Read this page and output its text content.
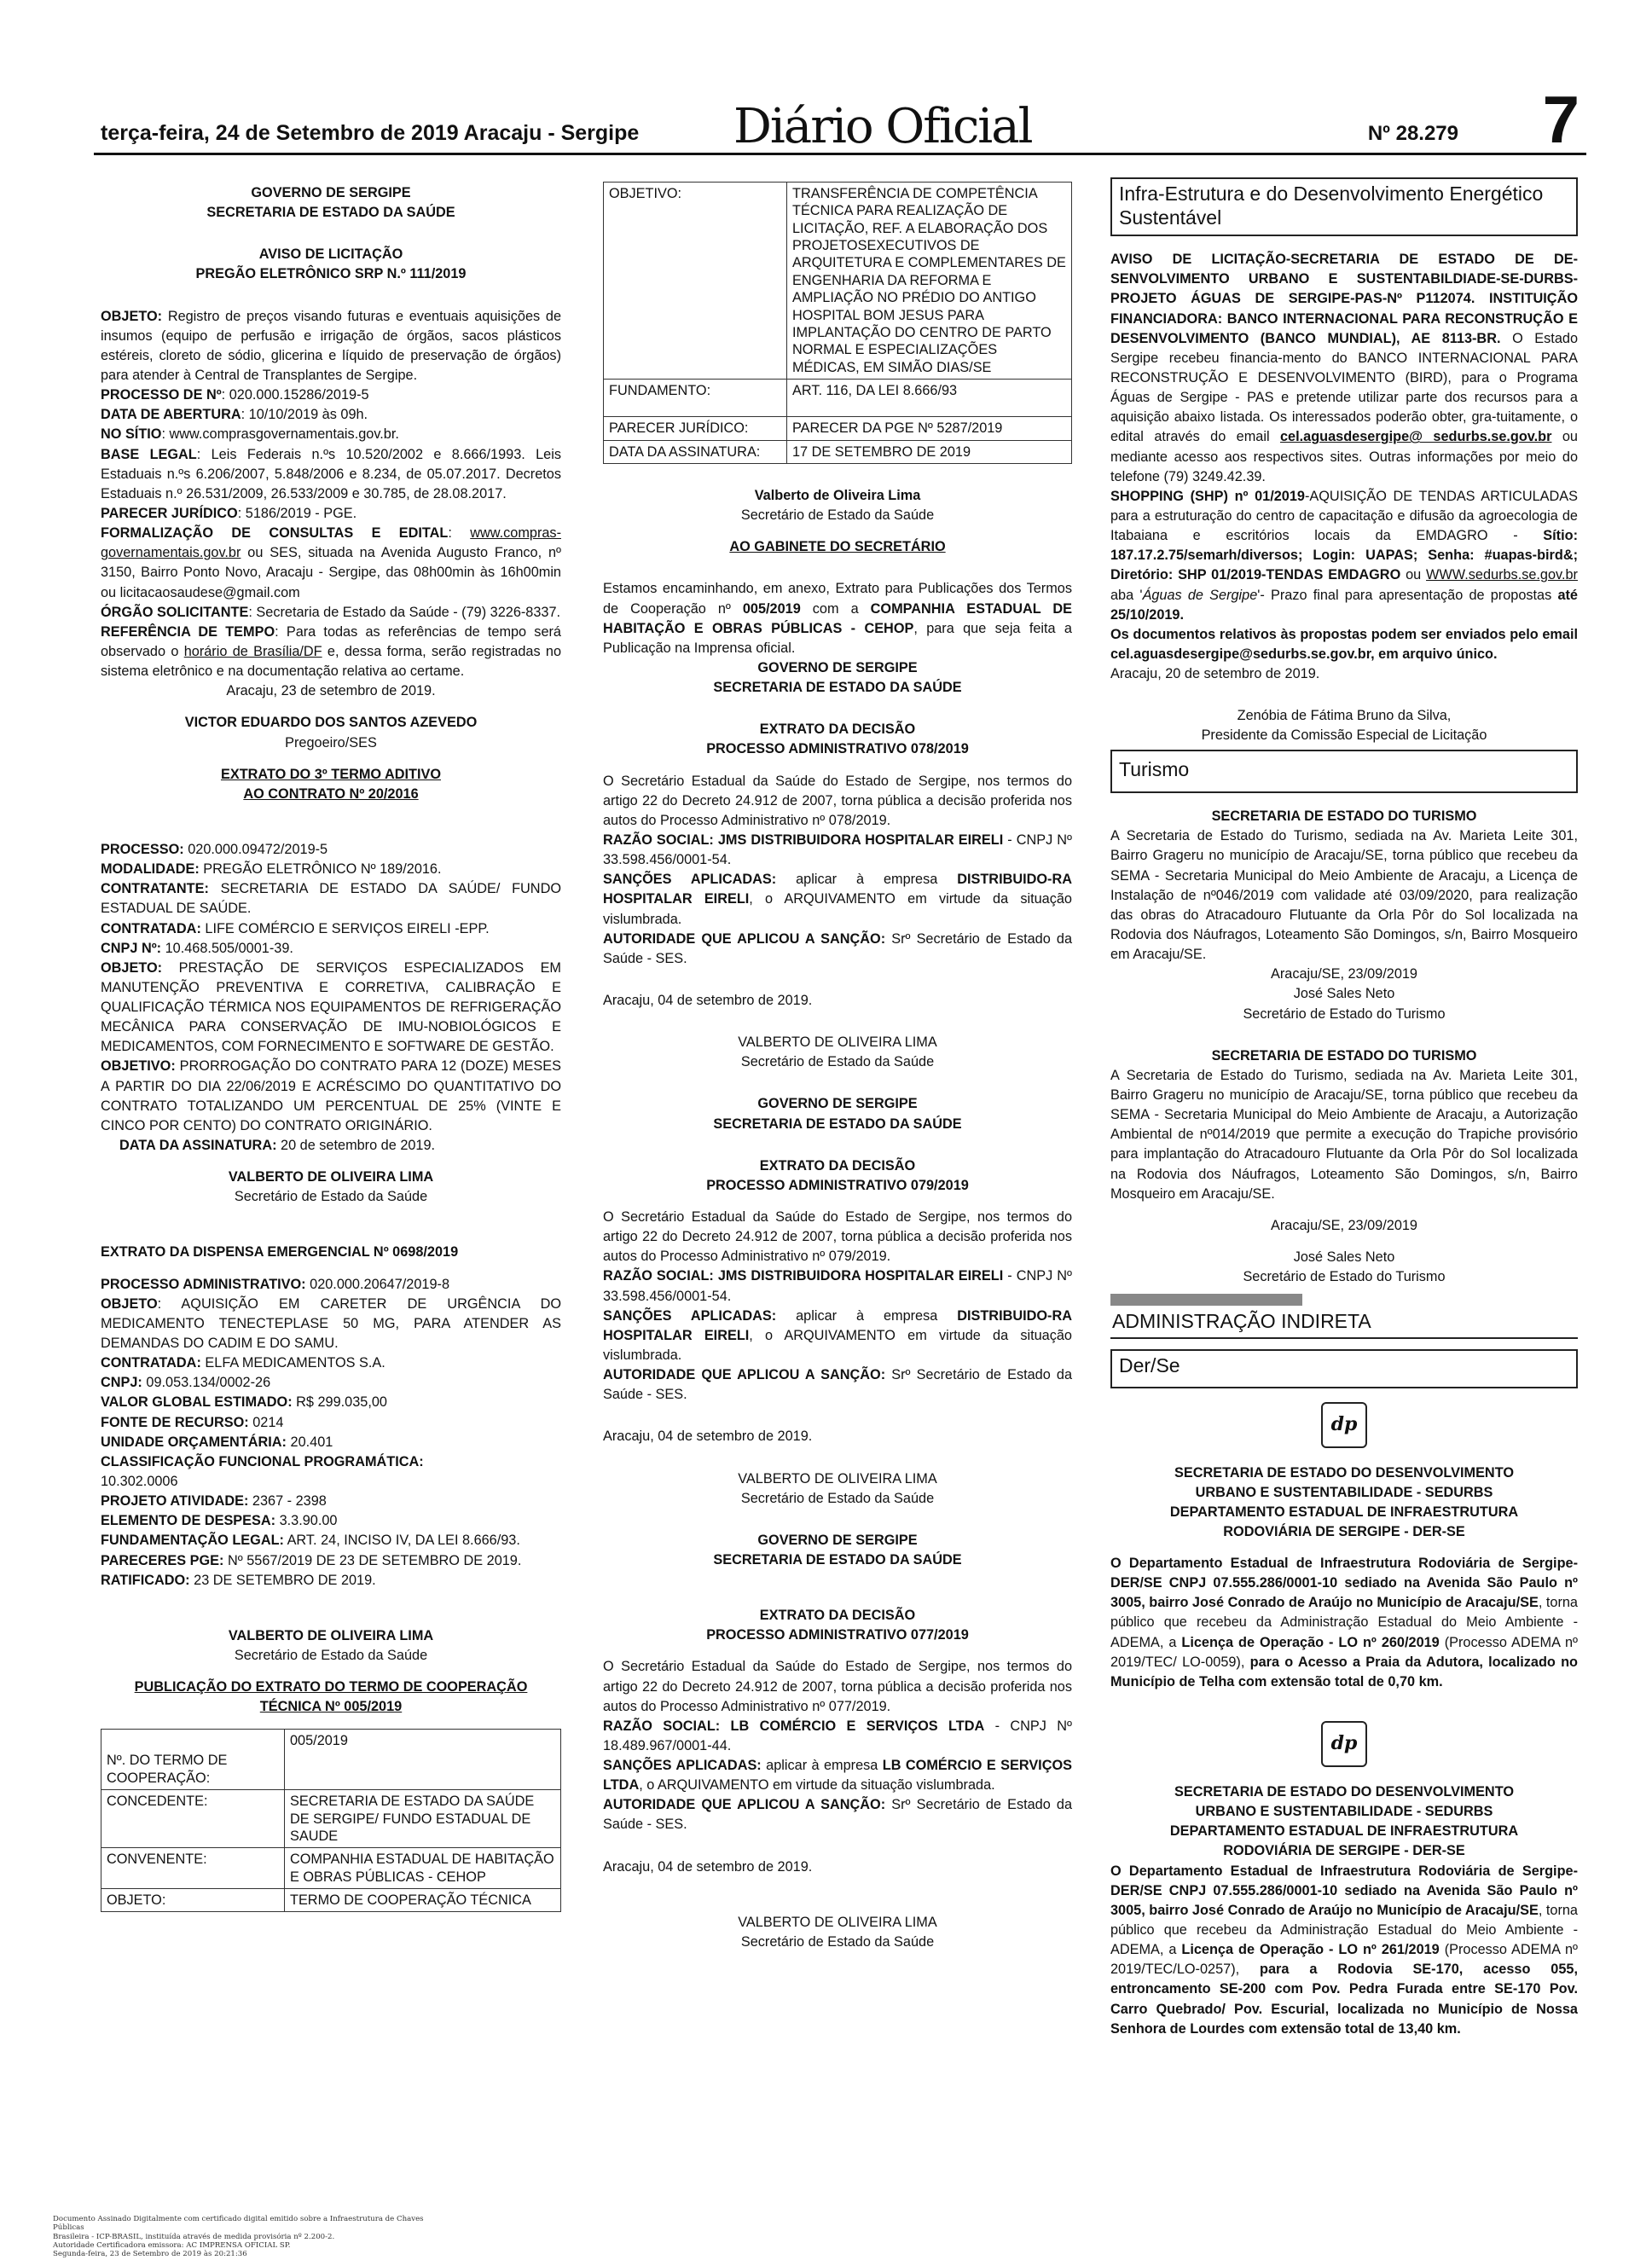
terça-feira, 24 de Setembro de 2019 Aracaju - Sergipe Diário Oficial	Nº 28.279 7
GOVERNO DE SERGIPE
SECRETARIA DE ESTADO DA SAÚDE
AVISO DE LICITAÇÃO
PREGÃO ELETRÔNICO SRP N.º 111/2019
OBJETO: Registro de preços visando futuras e eventuais aquisições de insumos (equipo de perfusão e irrigação de órgãos, sacos plásticos estéreis, cloreto de sódio, glicerina e líquido de preservação de órgãos) para atender à Central de Transplantes de Sergipe.
PROCESSO DE Nº: 020.000.15286/2019-5
DATA DE ABERTURA: 10/10/2019 às 09h.
NO SÍTIO: www.comprasgovernamentais.gov.br.
BASE LEGAL: Leis Federais n.ºs 10.520/2002 e 8.666/1993. Leis Estaduais n.ºs 6.206/2007, 5.848/2006 e 8.234, de 05.07.2017. Decretos Estaduais n.º 26.531/2009, 26.533/2009 e 30.785, de 28.08.2017.
PARECER JURÍDICO: 5186/2019 - PGE.
FORMALIZAÇÃO DE CONSULTAS E EDITAL: www.compras-governamentais.gov.br ou SES, situada na Avenida Augusto Franco, nº 3150, Bairro Ponto Novo, Aracaju - Sergipe, das 08h00min às 16h00min ou licitacaosaudese@gmail.com
ÓRGÃO SOLICITANTE: Secretaria de Estado da Saúde - (79) 3226-8337.
REFERÊNCIA DE TEMPO: Para todas as referências de tempo será observado o horário de Brasília/DF e, dessa forma, serão registradas no sistema eletrônico e na documentação relativa ao certame.
Aracaju, 23 de setembro de 2019.
VICTOR EDUARDO DOS SANTOS AZEVEDO
Pregoeiro/SES
EXTRATO DO 3º TERMO ADITIVO
AO CONTRATO Nº 20/2016
PROCESSO: 020.000.09472/2019-5
MODALIDADE: PREGÃO ELETRÔNICO Nº 189/2016.
CONTRATANTE: SECRETARIA DE ESTADO DA SAÚDE/ FUNDO ESTADUAL DE SAÚDE.
CONTRATADA: LIFE COMÉRCIO E SERVIÇOS EIRELI -EPP.
CNPJ Nº: 10.468.505/0001-39.
OBJETO: PRESTAÇÃO DE SERVIÇOS ESPECIALIZADOS EM MANUTENÇÃO PREVENTIVA E CORRETIVA, CALIBRAÇÃO E QUALIFICAÇÃO TÉRMICA NOS EQUIPAMENTOS DE REFRIGERAÇÃO MECÂNICA PARA CONSERVAÇÃO DE IMU-NOBIOLÓGICOS E MEDICAMENTOS, COM FORNECIMENTO E SOFTWARE DE GESTÃO.
OBJETIVO: PRORROGAÇÃO DO CONTRATO PARA 12 (DOZE) MESES A PARTIR DO DIA 22/06/2019 E ACRÉSCIMO DO QUANTITATIVO DO CONTRATO TOTALIZANDO UM PERCENTUAL DE 25% (VINTE E CINCO POR CENTO) DO CONTRATO ORIGINÁRIO.
DATA DA ASSINATURA: 20 de setembro de 2019.
VALBERTO DE OLIVEIRA LIMA
Secretário de Estado da Saúde
EXTRATO DA DISPENSA EMERGENCIAL Nº 0698/2019
PROCESSO ADMINISTRATIVO: 020.000.20647/2019-8
OBJETO: AQUISIÇÃO EM CARETER DE URGÊNCIA DO MEDICAMENTO TENECTEPLASE 50 MG, PARA ATENDER AS DEMANDAS DO CADIM E DO SAMU.
CONTRATADA: ELFA MEDICAMENTOS S.A.
CNPJ: 09.053.134/0002-26
VALOR GLOBAL ESTIMADO: R$ 299.035,00
FONTE DE RECURSO: 0214
UNIDADE ORÇAMENTÁRIA: 20.401
CLASSIFICAÇÃO FUNCIONAL PROGRAMÁTICA:
10.302.0006
PROJETO ATIVIDADE: 2367 - 2398
ELEMENTO DE DESPESA: 3.3.90.00
FUNDAMENTAÇÃO LEGAL: ART. 24, INCISO IV, DA LEI 8.666/93.
PARECERES PGE: Nº 5567/2019 DE 23 DE SETEMBRO DE 2019.
RATIFICADO: 23 DE SETEMBRO DE 2019.
VALBERTO DE OLIVEIRA LIMA
Secretário de Estado da Saúde
PUBLICAÇÃO DO EXTRATO DO TERMO DE COOPERAÇÃO
TÉCNICA Nº 005/2019
Nº. DO TERMO DE COOPERAÇÃO:	005/2019
CONCEDENTE:	SECRETARIA DE ESTADO DA SAÚDE DE SERGIPE/ FUNDO ESTADUAL DE SAUDE
CONVENENTE:	COMPANHIA ESTADUAL DE HABITAÇÃO E OBRAS PÚBLICAS - CEHOP
OBJETO:	TERMO DE COOPERAÇÃO TÉCNICA
OBJETIVO:	TRANSFERÊNCIA DE COMPETÊNCIA TÉCNICA PARA REALIZAÇÃO DE LICITAÇÃO, REF. A ELABORAÇÃO DOS PROJETOSEXECUTIVOS DE ARQUITETURA E COMPLEMENTARES DE ENGENHARIA DA REFORMA E AMPLIAÇÃO NO PRÉDIO DO ANTIGO HOSPITAL BOM JESUS PARA IMPLANTAÇÃO DO CENTRO DE PARTO NORMAL E ESPECIALIZAÇÕES MÉDICAS, EM SIMÃO DIAS/SE
FUNDAMENTO:	ART. 116, DA LEI 8.666/93
PARECER JURÍDICO:	PARECER DA PGE Nº 5287/2019
DATA DA ASSINATURA:	17 DE SETEMBRO DE 2019
Valberto de Oliveira Lima
Secretário de Estado da Saúde
AO GABINETE DO SECRETÁRIO
Estamos encaminhando, em anexo, Extrato para Publicações dos Termos de Cooperação nº 005/2019 com a COMPANHIA ESTADUAL DE HABITAÇÃO E OBRAS PÚBLICAS - CEHOP, para que seja feita a Publicação na Imprensa oficial.
GOVERNO DE SERGIPE
SECRETARIA DE ESTADO DA SAÚDE
EXTRATO DA DECISÃO
PROCESSO ADMINISTRATIVO 078/2019
O Secretário Estadual da Saúde do Estado de Sergipe, nos termos do artigo 22 do Decreto 24.912 de 2007, torna pública a decisão proferida nos autos do Processo Administrativo nº 078/2019.
RAZÃO SOCIAL: JMS DISTRIBUIDORA HOSPITALAR EIRELI - CNPJ Nº 33.598.456/0001-54.
SANÇÕES APLICADAS: aplicar à empresa DISTRIBUIDO-RA HOSPITALAR EIRELI, o ARQUIVAMENTO em virtude da situação vislumbrada.
AUTORIDADE QUE APLICOU A SANÇÃO: Srº Secretário de Estado da Saúde - SES.
Aracaju, 04 de setembro de 2019.
VALBERTO DE OLIVEIRA LIMA
Secretário de Estado da Saúde
GOVERNO DE SERGIPE
SECRETARIA DE ESTADO DA SAÚDE
EXTRATO DA DECISÃO
PROCESSO ADMINISTRATIVO 079/2019
O Secretário Estadual da Saúde do Estado de Sergipe, nos termos do artigo 22 do Decreto 24.912 de 2007, torna pública a decisão proferida nos autos do Processo Administrativo nº 079/2019.
RAZÃO SOCIAL: JMS DISTRIBUIDORA HOSPITALAR EIRELI - CNPJ Nº 33.598.456/0001-54.
SANÇÕES APLICADAS: aplicar à empresa DISTRIBUIDO-RA HOSPITALAR EIRELI, o ARQUIVAMENTO em virtude da situação vislumbrada.
AUTORIDADE QUE APLICOU A SANÇÃO: Srº Secretário de Estado da Saúde - SES.
Aracaju, 04 de setembro de 2019.
VALBERTO DE OLIVEIRA LIMA
Secretário de Estado da Saúde
GOVERNO DE SERGIPE
SECRETARIA DE ESTADO DA SAÚDE
EXTRATO DA DECISÃO
PROCESSO ADMINISTRATIVO 077/2019
O Secretário Estadual da Saúde do Estado de Sergipe, nos termos do artigo 22 do Decreto 24.912 de 2007, torna pública a decisão proferida nos autos do Processo Administrativo nº 077/2019.
RAZÃO SOCIAL: LB COMÉRCIO E SERVIÇOS LTDA - CNPJ Nº 18.489.967/0001-44.
SANÇÕES APLICADAS: aplicar à empresa LB COMÉRCIO E SERVIÇOS LTDA, o ARQUIVAMENTO em virtude da situação vislumbrada.
AUTORIDADE QUE APLICOU A SANÇÃO: Srº Secretário de Estado da Saúde - SES.
Aracaju, 04 de setembro de 2019.
VALBERTO DE OLIVEIRA LIMA
Secretário de Estado da Saúde
Infra-Estrutura e do Desenvolvimento Energético Sustentável
AVISO DE LICITAÇÃO-SECRETARIA DE ESTADO DE DE-SENVOLVIMENTO URBANO E SUSTENTABILDIADE-SE-DURBS-PROJETO ÁGUAS DE SERGIPE-PAS-Nº P112074. INSTITUIÇÃO FINANCIADORA: BANCO INTERNACIONAL PARA RECONSTRUÇÃO E DESENVOLVIMENTO (BANCO MUNDIAL), AE 8113-BR. O Estado Sergipe recebeu financia-mento do BANCO INTERNACIONAL PARA RECONSTRUÇÃO E DESENVOLVIMENTO (BIRD), para o Programa Águas de Sergipe - PAS e pretende utilizar parte dos recursos para a aquisição abaixo listada. Os interessados poderão obter, gra-tuitamente, o edital através do email cel.aguasdesergipe@ sedurbs.se.gov.br ou mediante acesso aos respectivos sites. Outras informações por meio do telefone (79) 3249.42.39.
SHOPPING (SHP) nº 01/2019-AQUISIÇÃO DE TENDAS ARTICULADAS para a estruturação do centro de capacitação e difusão da agroecologia de Itabaiana e escritórios locais da EMDAGRO - Sítio: 187.17.2.75/semarh/diversos; Login: UAPAS; Senha: #uapas-bird&; Diretório: SHP 01/2019-TENDAS EMDAGRO ou WWW.sedurbs.se.gov.br aba 'Águas de Sergipe'- Prazo final para apresentação de propostas até 25/10/2019.
Os documentos relativos às propostas podem ser enviados pelo email cel.aguasdesergipe@sedurbs.se.gov.br, em arquivo único.
Aracaju, 20 de setembro de 2019.
Zenóbia de Fátima Bruno da Silva,
Presidente da Comissão Especial de Licitação
Turismo
SECRETARIA DE ESTADO DO TURISMO
A Secretaria de Estado do Turismo, sediada na Av. Marieta Leite 301, Bairro Grageru no município de Aracaju/SE, torna público que recebeu da SEMA - Secretaria Municipal do Meio Ambiente de Aracaju, a Licença de Instalação de nº046/2019 com validade até 03/09/2020, para realização das obras do Atracadouro Flutuante da Orla Pôr do Sol localizada na Rodovia dos Náufragos, Loteamento São Domingos, s/n, Bairro Mosqueiro em Aracaju/SE.
Aracaju/SE, 23/09/2019
José Sales Neto
Secretário de Estado do Turismo
SECRETARIA DE ESTADO DO TURISMO
A Secretaria de Estado do Turismo, sediada na Av. Marieta Leite 301, Bairro Grageru no município de Aracaju/SE, torna público que recebeu da SEMA - Secretaria Municipal do Meio Ambiente de Aracaju, a Autorização Ambiental de nº014/2019 que permite a execução do Trapiche provisório para implantação do Atracadouro Flutuante da Orla Pôr do Sol localizada na Rodovia dos Náufragos, Loteamento São Domingos, s/n, Bairro Mosqueiro em Aracaju/SE.
Aracaju/SE, 23/09/2019
José Sales Neto
Secretário de Estado do Turismo
ADMINISTRAÇÃO INDIRETA
Der/Se
dp
SECRETARIA DE ESTADO DO DESENVOLVIMENTO
URBANO E SUSTENTABILIDADE - SEDURBS
DEPARTAMENTO ESTADUAL DE INFRAESTRUTURA
RODOVIÁRIA DE SERGIPE - DER-SE
O Departamento Estadual de Infraestrutura Rodoviária de Sergipe-DER/SE CNPJ 07.555.286/0001-10 sediado na Avenida São Paulo nº 3005, bairro José Conrado de Araújo no Município de Aracaju/SE, torna público que recebeu da Administração Estadual do Meio Ambiente - ADEMA, a Licença de Operação - LO nº 260/2019 (Processo ADEMA nº 2019/TEC/ LO-0059), para o Acesso a Praia da Adutora, localizado no Município de Telha com extensão total de 0,70 km.
dp
SECRETARIA DE ESTADO DO DESENVOLVIMENTO
URBANO E SUSTENTABILIDADE - SEDURBS
DEPARTAMENTO ESTADUAL DE INFRAESTRUTURA
RODOVIÁRIA DE SERGIPE - DER-SE
O Departamento Estadual de Infraestrutura Rodoviária de Sergipe-DER/SE CNPJ 07.555.286/0001-10 sediado na Avenida São Paulo nº 3005, bairro José Conrado de Araújo no Município de Aracaju/SE, torna público que recebeu da Administração Estadual do Meio Ambiente - ADEMA, a Licença de Operação - LO nº 261/2019 (Processo ADEMA nº 2019/TEC/LO-0257), para a Rodovia SE-170, acesso 055, entroncamento SE-200 com Pov. Pedra Furada entre SE-170 Pov. Carro Quebrado/ Pov. Escurial, localizada no Município de Nossa Senhora de Lourdes com extensão total de 13,40 km.
Documento Assinado Digitalmente com certificado digital emitido sobre a Infraestrutura de Chaves Públicas
Brasileira - ICP-BRASIL, instituída através de medida provisória nº 2.200-2.
Autoridade Certificadora emissora: AC IMPRENSA OFICIAL SP.
Segunda-feira, 23 de Setembro de 2019 às 20:21:36
